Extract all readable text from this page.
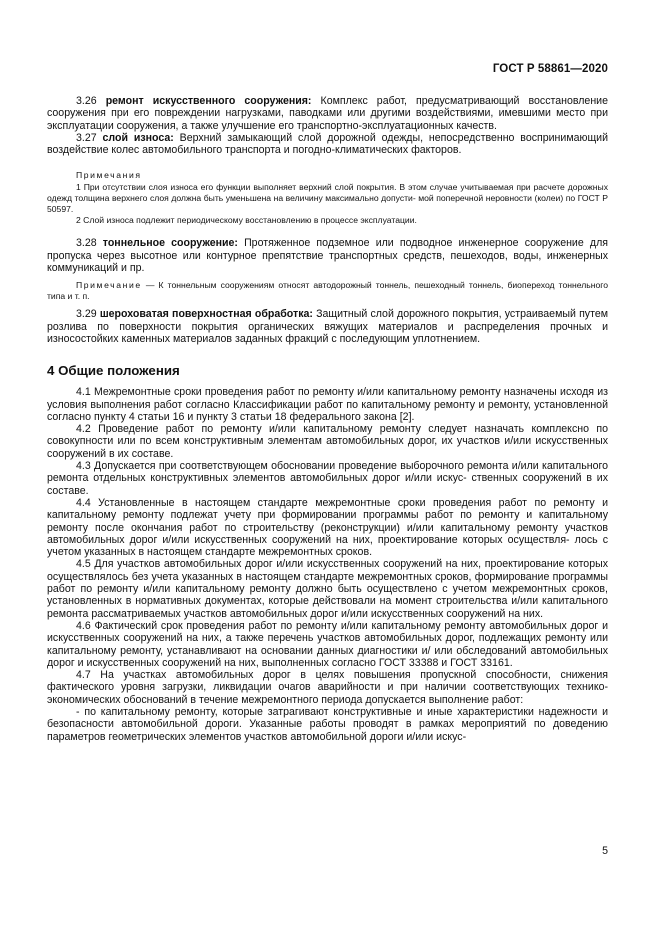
ГОСТ Р 58861—2020

3.26 ремонт искусственного сооружения: Комплекс работ, предусматривающий восстановление сооружения при его повреждении нагрузками, паводками или другими воздействиями, имевшими место при эксплуатации сооружения, а также улучшение его транспортно-эксплуатационных качеств.

3.27 слой износа: Верхний замыкающий слой дорожной одежды, непосредственно воспринимающий воздействие колес автомобильного транспорта и погодно-климатических факторов.

Примечания

1 При отсутствии слоя износа его функции выполняет верхний слой покрытия. В этом случае учитываемая при расчете дорожных одежд толщина верхнего слоя должна быть уменьшена на величину максимально допусти- мой поперечной неровности (колеи) по ГОСТ Р 50597.

2 Слой износа подлежит периодическому восстановлению в процессе эксплуатации.

3.28 тоннельное сооружение: Протяженное подземное или подводное инженерное сооружение для пропуска через высотное или контурное препятствие транспортных средств, пешеходов, воды, инженерных коммуникаций и пр.

Примечание — К тоннельным сооружениям относят автодорожный тоннель, пешеходный тоннель, биопереход тоннельного типа и т. п.

3.29 шероховатая поверхностная обработка: Защитный слой дорожного покрытия, устраиваемый путем розлива по поверхности покрытия органических вяжущих материалов и распределения прочных и износостойких каменных материалов заданных фракций с последующим уплотнением.

4 Общие положения

4.1 Межремонтные сроки проведения работ по ремонту и/или капитальному ремонту назначены исходя из условия выполнения работ согласно Классификации работ по капитальному ремонту и ремонту, установленной согласно пункту 4 статьи 16 и пункту 3 статьи 18 федерального закона [2].

4.2 Проведение работ по ремонту и/или капитальному ремонту следует назначать комплексно по совокупности или по всем конструктивным элементам автомобильных дорог, их участков и/или искусственных сооружений в их составе.

4.3 Допускается при соответствующем обосновании проведение выборочного ремонта и/или капитального ремонта отдельных конструктивных элементов автомобильных дорог и/или искус- ственных сооружений в их составе.

4.4 Установленные в настоящем стандарте межремонтные сроки проведения работ по ремонту и капитальному ремонту подлежат учету при формировании программы работ по ремонту и капитальному ремонту после окончания работ по строительству (реконструкции) и/или капитальному ремонту участков автомобильных дорог и/или искусственных сооружений на них, проектирование которых осуществля- лось с учетом указанных в настоящем стандарте межремонтных сроков.

4.5 Для участков автомобильных дорог и/или искусственных сооружений на них, проектирование которых осуществлялось без учета указанных в настоящем стандарте межремонтных сроков, формирование программы работ по ремонту и/или капитальному ремонту должно быть осуществлено с учетом межремонтных сроков, установленных в нормативных документах, которые действовали на момент строительства и/или капитального ремонта рассматриваемых участков автомобильных дорог и/или искусственных сооружений на них.

4.6 Фактический срок проведения работ по ремонту и/или капитальному ремонту автомобильных дорог и искусственных сооружений на них, а также перечень участков автомобильных дорог, подлежащих ремонту или капитальному ремонту, устанавливают на основании данных диагностики и/ или обследований автомобильных дорог и искусственных сооружений на них, выполненных согласно ГОСТ 33388 и ГОСТ 33161.

4.7 На участках автомобильных дорог в целях повышения пропускной способности, снижения фактического уровня загрузки, ликвидации очагов аварийности и при наличии соответствующих технико- экономических обоснований в течение межремонтного периода допускается выполнение работ:

- по капитальному ремонту, которые затрагивают конструктивные и иные характеристики надежности и безопасности автомобильной дороги. Указанные работы проводят в рамках мероприятий по доведению параметров геометрических элементов участков автомобильной дороги и/или искус-

5
